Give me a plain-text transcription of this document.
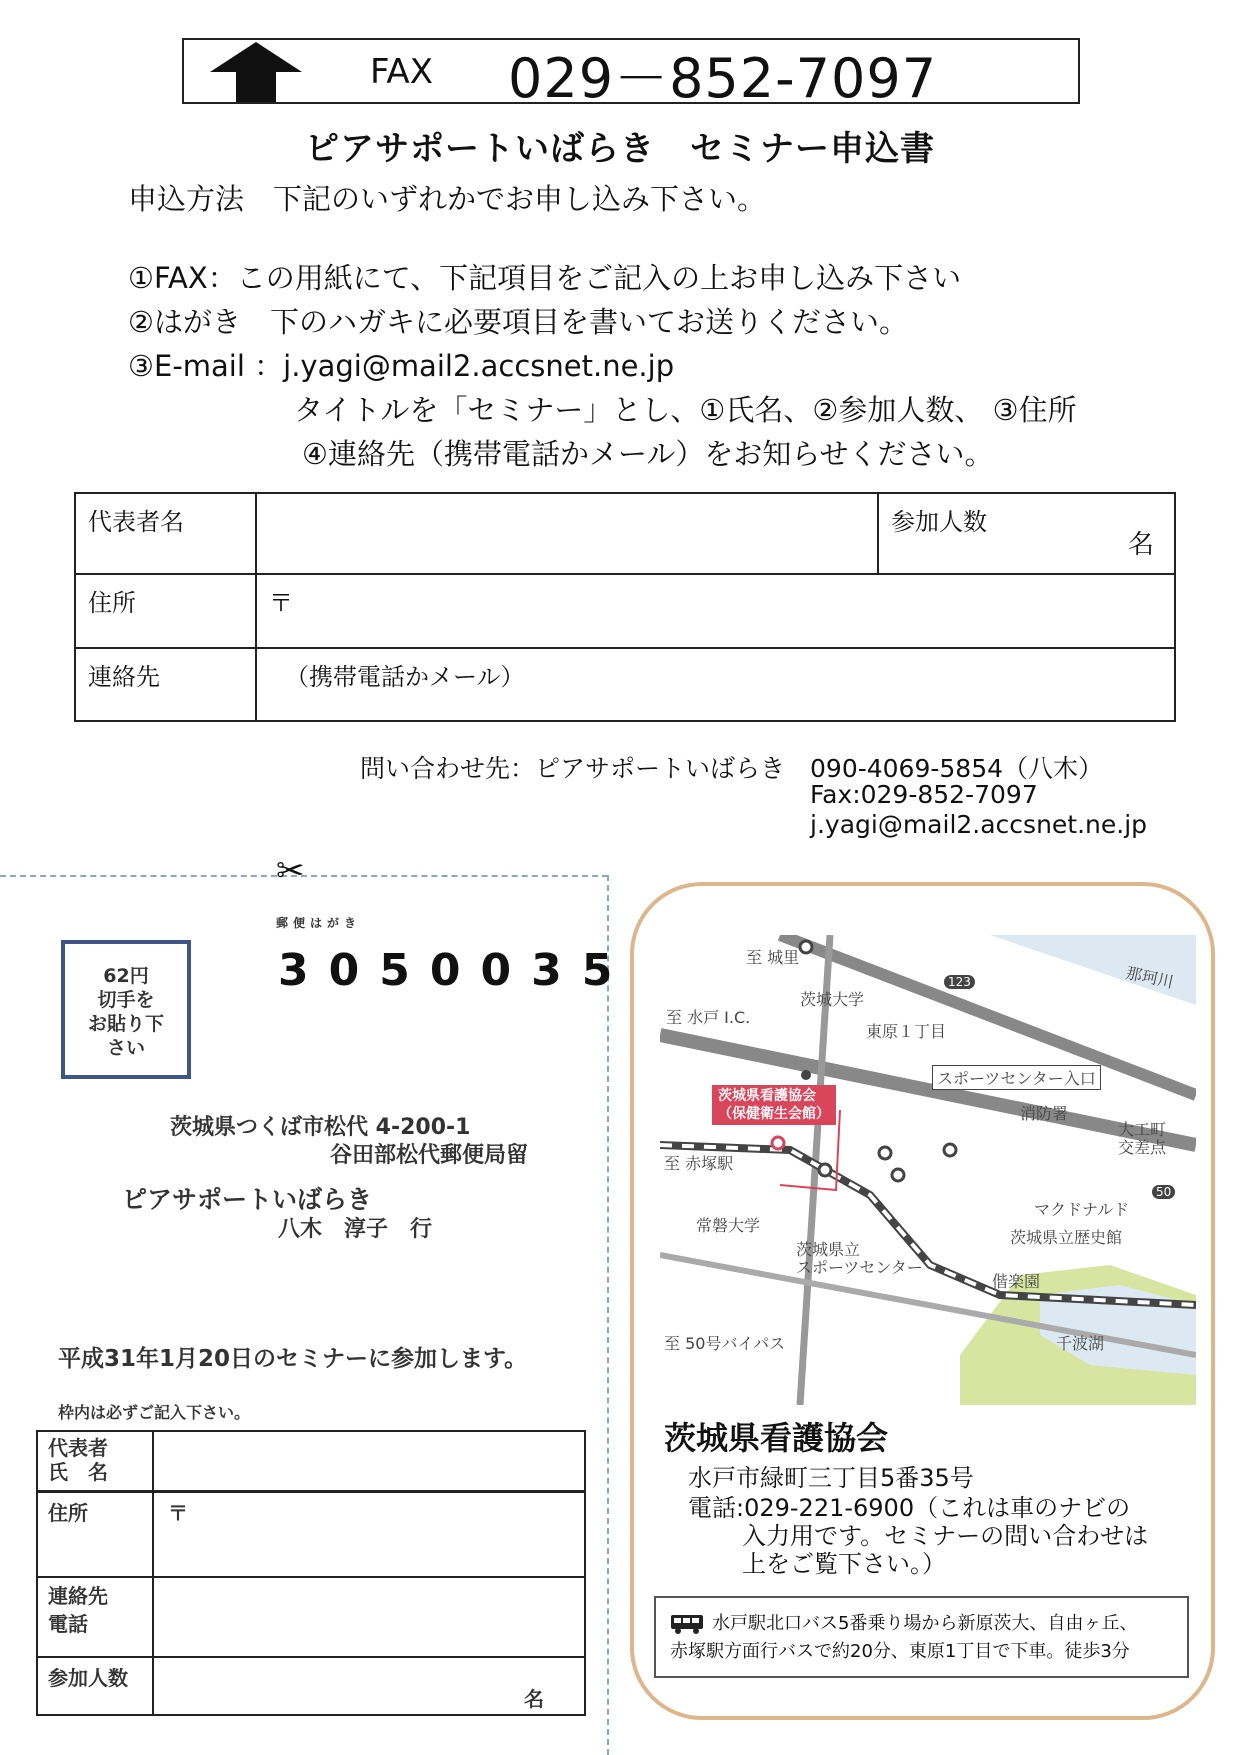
FAX 029－852-7097
ピアサポートいばらき　セミナー申込書
申込方法　下記のいずれかでお申し込み下さい。
①FAX：この用紙にて、下記項目をご記入の上お申し込み下さい
②はがき　下のハガキに必要項目を書いてお送りください。
③E-mail ：j.yagi@mail2.accsnet.ne.jp
タイトルを「セミナー」とし、①氏名、②参加人数、 ③住所
④連絡先（携帯電話かメール）をお知らせください。
代表者名		参加人数
名

住所	〒	
連絡先	（携帯電話かメール）	
問い合わせ先：ピアサポートいばらき　090-4069-5854（八木）
Fax:029-852-7097
j.yagi@mail2.accsnet.ne.jp
✂
62円
切手を
お貼り下
さい
郵便はがき
3050035
茨城県つくば市松代 4-200-1
谷田部松代郵便局留
ピアサポートいばらき
八木　淳子　行
平成31年1月20日のセミナーに参加します。
枠内は必ずご記入下さい。
代表者
氏　名	

住所	〒

連絡先
電話	

参加人数	名
至 城里
茨城大学
那珂川
123
至 水戸 I.C.
東原１丁目
スポーツセンター入口
茨城県看護協会
（保健衛生会館）	消防署
大工町
交差点
至 赤塚駅
常磐大学
マクドナルド
50
茨城県立歴史館
茨城県立
スポーツセンター
偕楽園
至 50号バイパス	千波湖
茨城県看護協会
水戸市緑町三丁目5番35号
電話:029-221-6900（これは車のナビの
入力用です。セミナーの問い合わせは
上をご覧下さい。）
水戸駅北口バス5番乗り場から新原茨大、自由ヶ丘、
赤塚駅方面行バスで約20分、東原1丁目で下車。徒歩3分
